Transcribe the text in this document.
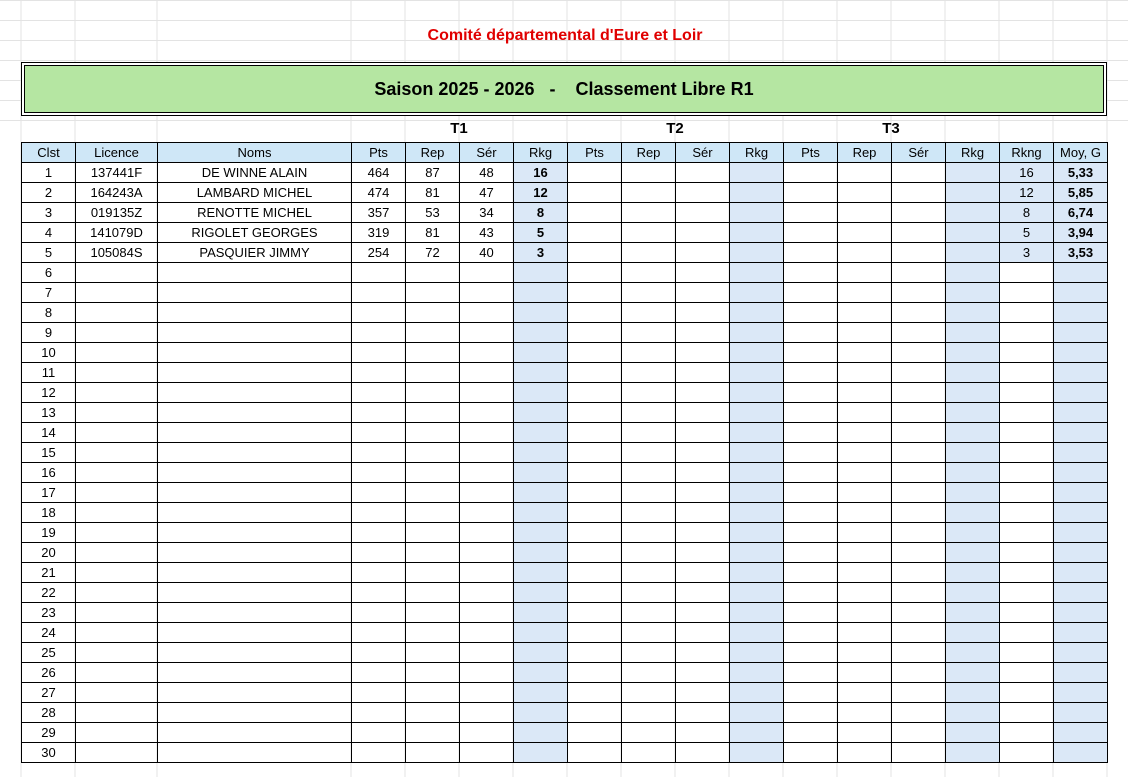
Comité départemental d'Eure et Loir
Saison 2025 - 2026   -    Classement Libre R1
T1	T2	T3
Clst	Licence	Noms	Pts	Rep	Sér	Rkg	Pts	Rep	Sér	Rkg	Pts	Rep	Sér	Rkg	Rkng	Moy, G
1	137441F	DE WINNE ALAIN	464	87	48	16									16	5,33
2	164243A	LAMBARD MICHEL	474	81	47	12									12	5,85
3	019135Z	RENOTTE MICHEL	357	53	34	8									8	6,74
4	141079D	RIGOLET GEORGES	319	81	43	5									5	3,94
5	105084S	PASQUIER JIMMY	254	72	40	3									3	3,53
6																
7																
8																
9																
10																
11																
12																
13																
14																
15																
16																
17																
18																
19																
20																
21																
22																
23																
24																
25																
26																
27																
28																
29																
30																
